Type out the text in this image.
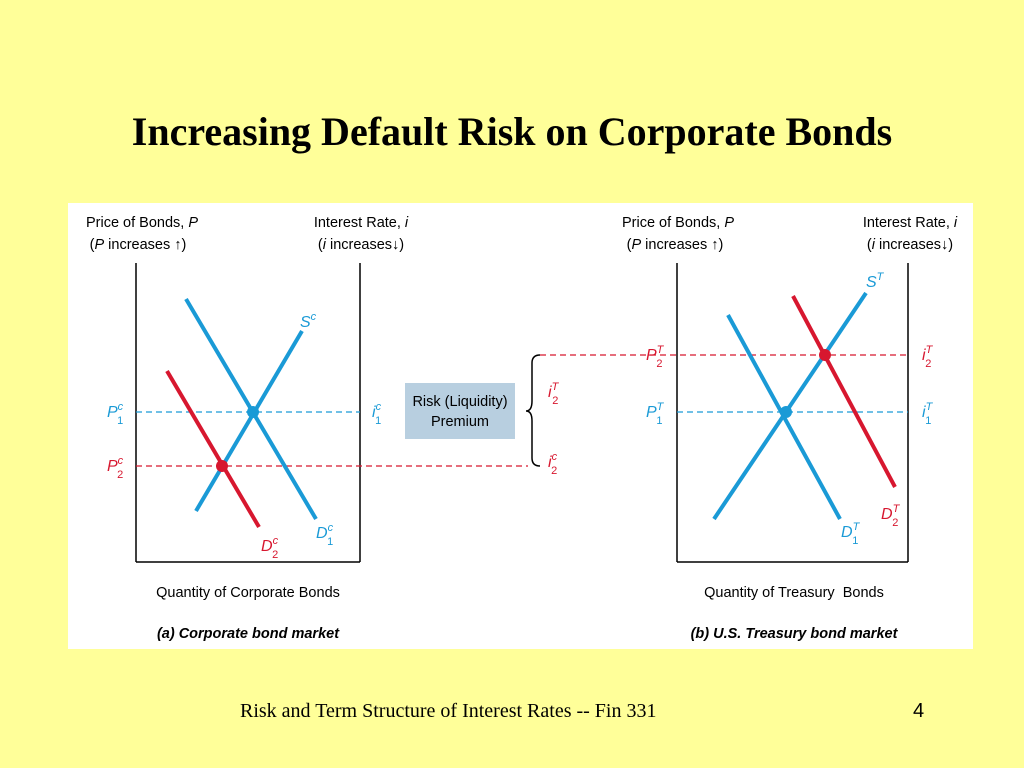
Increasing Default Risk on Corporate Bonds
Price of Bonds, P
(P increases ↑)
Interest Rate, i
(i increases↓)
Quantity of Corporate Bonds
(a) Corporate bond market
$S^c$
$D^c$ 1
$D^c$ 2
$P^c$ 1
$P^c$ 2
$i^c$ 1
Risk (Liquidity)
Premium
$i^T$ 2
$i^c$ 2
Price of Bonds, P
(P increases ↑)
Interest Rate, i
(i increases↓)
Quantity of Treasury  Bonds
(b) U.S. Treasury bond market
$S^T$
$D^T$ 1
$D^T$ 2
$P^T$ 2
$P^T$ 1
$i^T$ 2
$i^T$ 1
Risk and Term Structure of Interest Rates -- Fin 331	4
